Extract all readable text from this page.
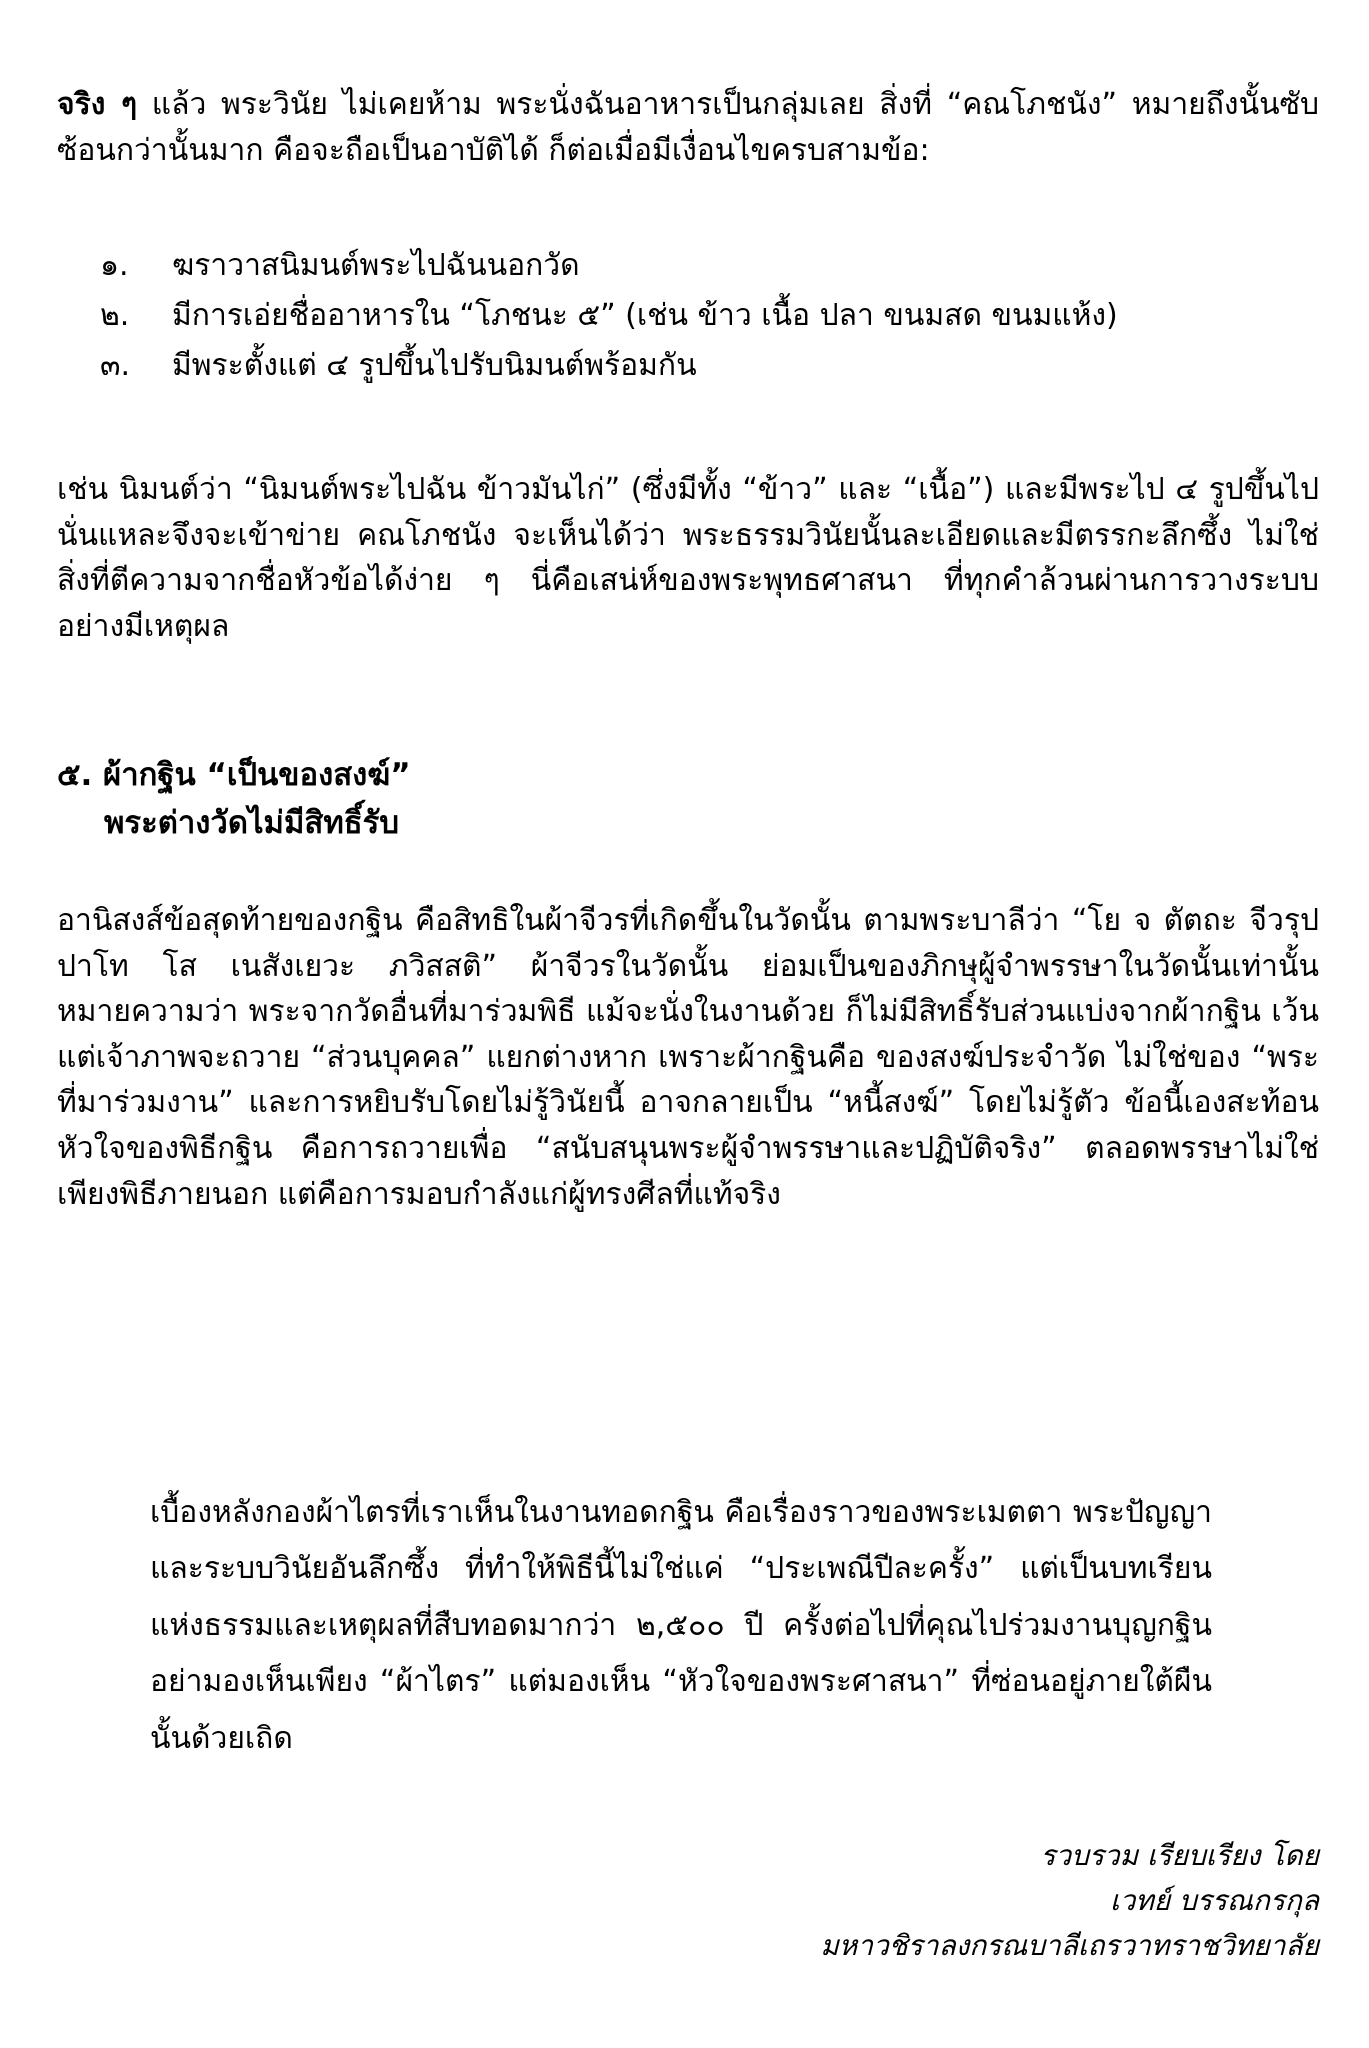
จริง ๆ แล้ว พระวินัย ไม่เคยห้าม พระนั่งฉันอาหารเป็นกลุ่มเลย สิ่งที่ “คณโภชนัง” หมายถึงนั้นซับซ้อนกว่านั้นมาก คือจะถือเป็นอาบัติได้ ก็ต่อเมื่อมีเงื่อนไขครบสามข้อ:

๑. ฆราวาสนิมนต์พระไปฉันนอกวัด
๒. มีการเอ่ยชื่ออาหารใน “โภชนะ ๕” (เช่น ข้าว เนื้อ ปลา ขนมสด ขนมแห้ง)
๓. มีพระตั้งแต่ ๔ รูปขึ้นไปรับนิมนต์พร้อมกัน

เช่น นิมนต์ว่า “นิมนต์พระไปฉัน ข้าวมันไก่” (ซึ่งมีทั้ง “ข้าว” และ “เนื้อ”) และมีพระไป ๔ รูปขึ้นไปนั่นแหละจึงจะเข้าข่าย คณโภชนัง จะเห็นได้ว่า พระธรรมวินัยนั้นละเอียดและมีตรรกะลึกซึ้ง ไม่ใช่สิ่งที่ตีความจากชื่อหัวข้อได้ง่าย ๆ นี่คือเสน่ห์ของพระพุทธศาสนา ที่ทุกคำล้วนผ่านการวางระบบอย่างมีเหตุผล

๕. ผ้ากฐิน “เป็นของสงฆ์”
พระต่างวัดไม่มีสิทธิ์รับ

อานิสงส์ข้อสุดท้ายของกฐิน คือสิทธิในผ้าจีวรที่เกิดขึ้นในวัดนั้น ตามพระบาลีว่า “โย จ ตัตถะ จีวรุปปาโท โส เนสังเยวะ ภวิสสติ” ผ้าจีวรในวัดนั้น ย่อมเป็นของภิกษุผู้จำพรรษาในวัดนั้นเท่านั้น หมายความว่า พระจากวัดอื่นที่มาร่วมพิธี แม้จะนั่งในงานด้วย ก็ไม่มีสิทธิ์รับส่วนแบ่งจากผ้ากฐิน เว้นแต่เจ้าภาพจะถวาย “ส่วนบุคคล” แยกต่างหาก เพราะผ้ากฐินคือ ของสงฆ์ประจำวัด ไม่ใช่ของ “พระที่มาร่วมงาน” และการหยิบรับโดยไม่รู้วินัยนี้ อาจกลายเป็น “หนี้สงฆ์” โดยไม่รู้ตัว ข้อนี้เองสะท้อนหัวใจของพิธีกฐิน คือการถวายเพื่อ “สนับสนุนพระผู้จำพรรษาและปฏิบัติจริง” ตลอดพรรษาไม่ใช่เพียงพิธีภายนอก แต่คือการมอบกำลังแก่ผู้ทรงศีลที่แท้จริง

เบื้องหลังกองผ้าไตรที่เราเห็นในงานทอดกฐิน คือเรื่องราวของพระเมตตา พระปัญญา และระบบวินัยอันลึกซึ้ง ที่ทำให้พิธีนี้ไม่ใช่แค่ “ประเพณีปีละครั้ง” แต่เป็นบทเรียนแห่งธรรมและเหตุผลที่สืบทอดมากว่า ๒,๕๐๐ ปี ครั้งต่อไปที่คุณไปร่วมงานบุญกฐินอย่ามองเห็นเพียง “ผ้าไตร” แต่มองเห็น “หัวใจของพระศาสนา” ที่ซ่อนอยู่ภายใต้ผืนนั้นด้วยเถิด

รวบรวม เรียบเรียง โดย
เวทย์ บรรณกรกุล
มหาวชิราลงกรณบาลีเถรวาทราชวิทยาลัย
